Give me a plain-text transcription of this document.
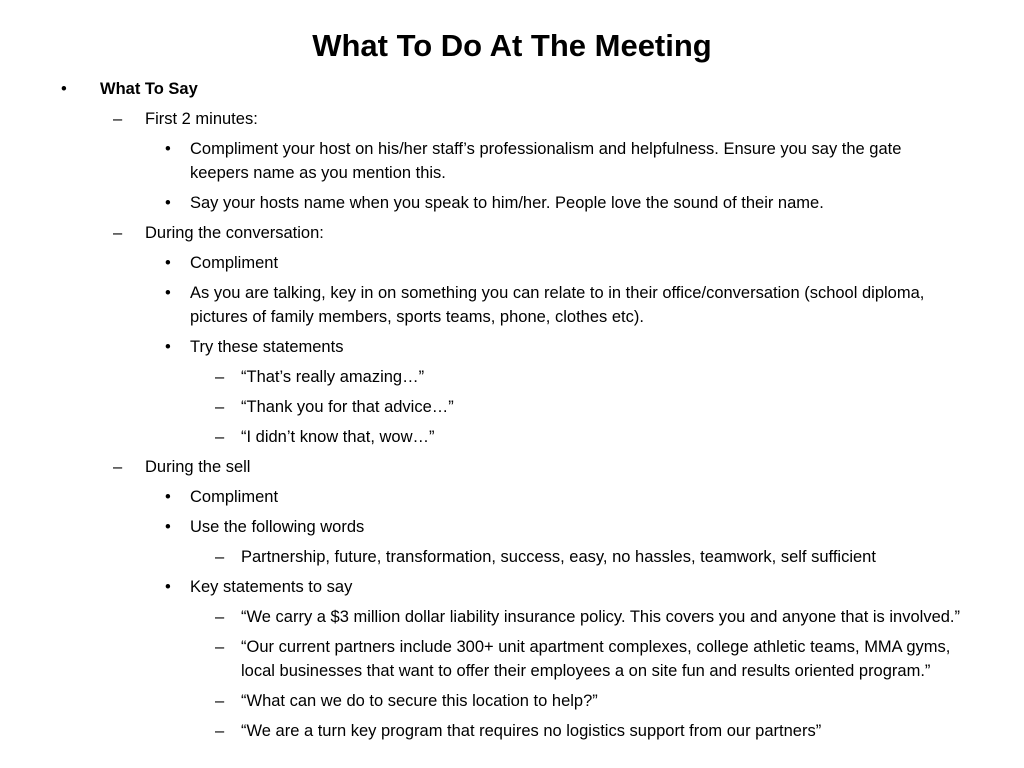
What To Do At The Meeting
• What To Say
– First 2 minutes:
• Compliment your host on his/her staff’s professionalism and helpfulness. Ensure you say the gate keepers name as you mention this.
• Say your hosts name when you speak to him/her. People love the sound of their name.
– During the conversation:
• Compliment
• As you are talking, key in on something you can relate to in their office/conversation (school diploma, pictures of family members, sports teams, phone, clothes etc).
• Try these statements
– “That’s really amazing…”
– “Thank you for that advice…”
– “I didn’t know that, wow…”
– During the sell
• Compliment
• Use the following words
– Partnership, future, transformation, success, easy, no hassles, teamwork, self sufficient
• Key statements to say
– “We carry a $3 million dollar liability insurance policy. This covers you and anyone that is involved.”
– “Our current partners include 300+ unit apartment complexes, college athletic teams, MMA gyms, local businesses that want to offer their employees a on site fun and results oriented program.”
– “What can we do to secure this location to help?”
– “We are a turn key program that requires no logistics support from our partners”
